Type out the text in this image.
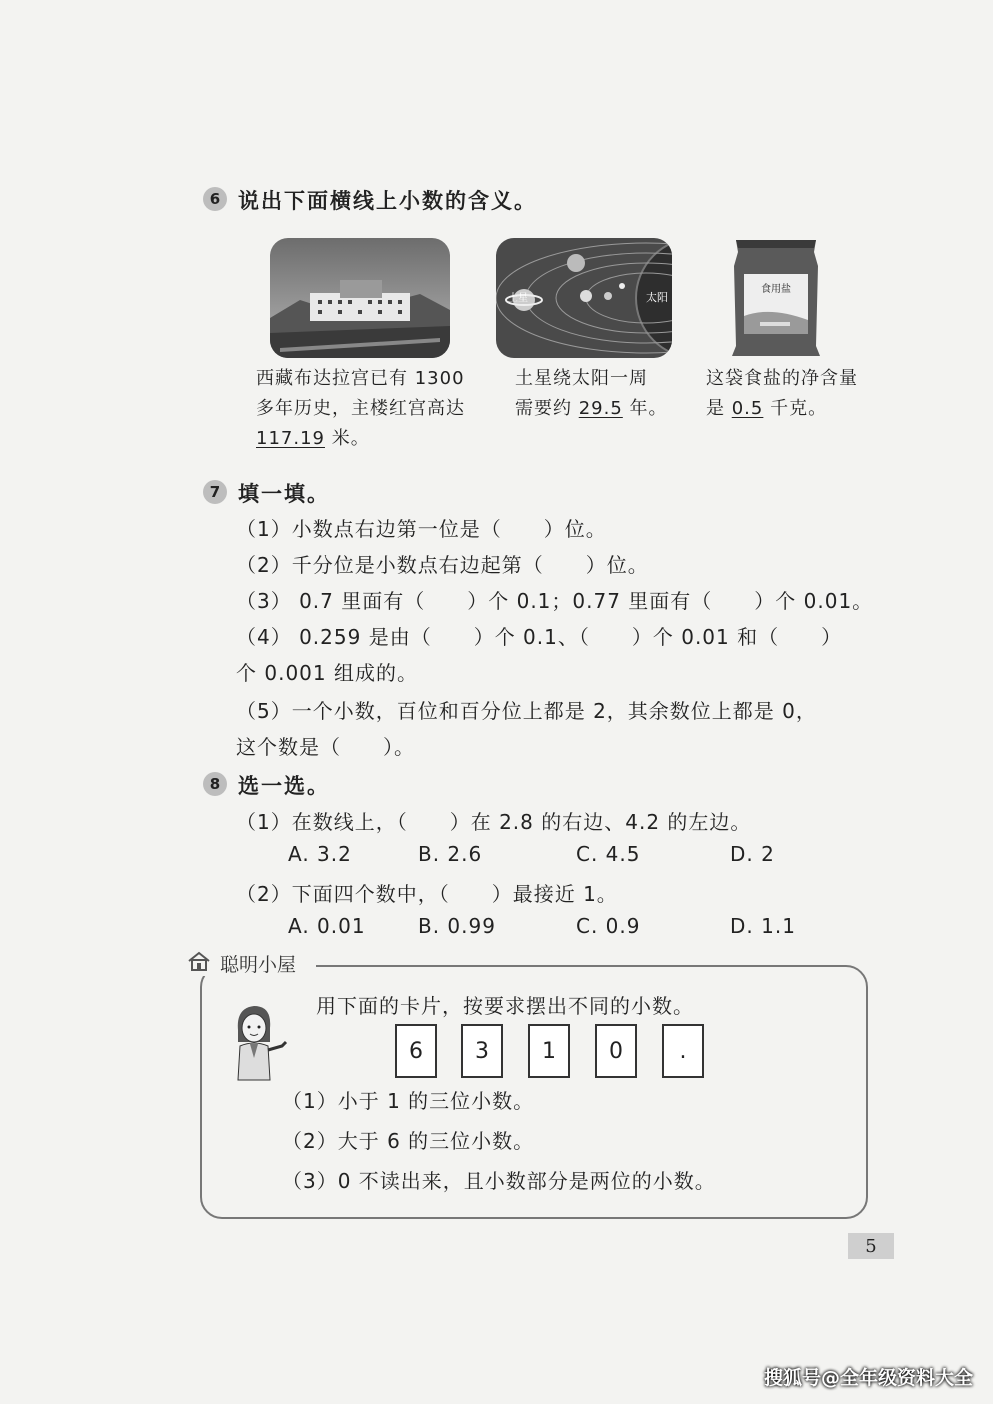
6 说出下面横线上小数的含义。
土星	太阳
食用盐
西藏布达拉宫已有 1300
多年历史，主楼红宫高达
117.19 米。
土星绕太阳一周
需要约 29.5 年。
这袋食盐的净含量
是 0.5 千克。
7 填一填。
（1）小数点右边第一位是（　　）位。
（2）千分位是小数点右边起第（　　）位。
（3） 0.7 里面有（　　）个 0.1；0.77 里面有（　　）个 0.01。
（4） 0.259 是由（　　）个 0.1、（　　）个 0.01 和（　　）
个 0.001 组成的。
（5）一个小数，百位和百分位上都是 2，其余数位上都是 0，
这个数是（　　）。
8 选一选。
（1）在数线上，（　　）在 2.8 的右边、4.2 的左边。
A. 3.2	B. 2.6	C. 4.5	D. 2
（2）下面四个数中，（　　）最接近 1。
A. 0.01	B. 0.99	C. 0.9	D. 1.1
聪明小屋
用下面的卡片，按要求摆出不同的小数。
6	3	1	0	.
（1）小于 1 的三位小数。
（2）大于 6 的三位小数。
（3）0 不读出来，且小数部分是两位的小数。
5
搜狐号@全年级资料大全
